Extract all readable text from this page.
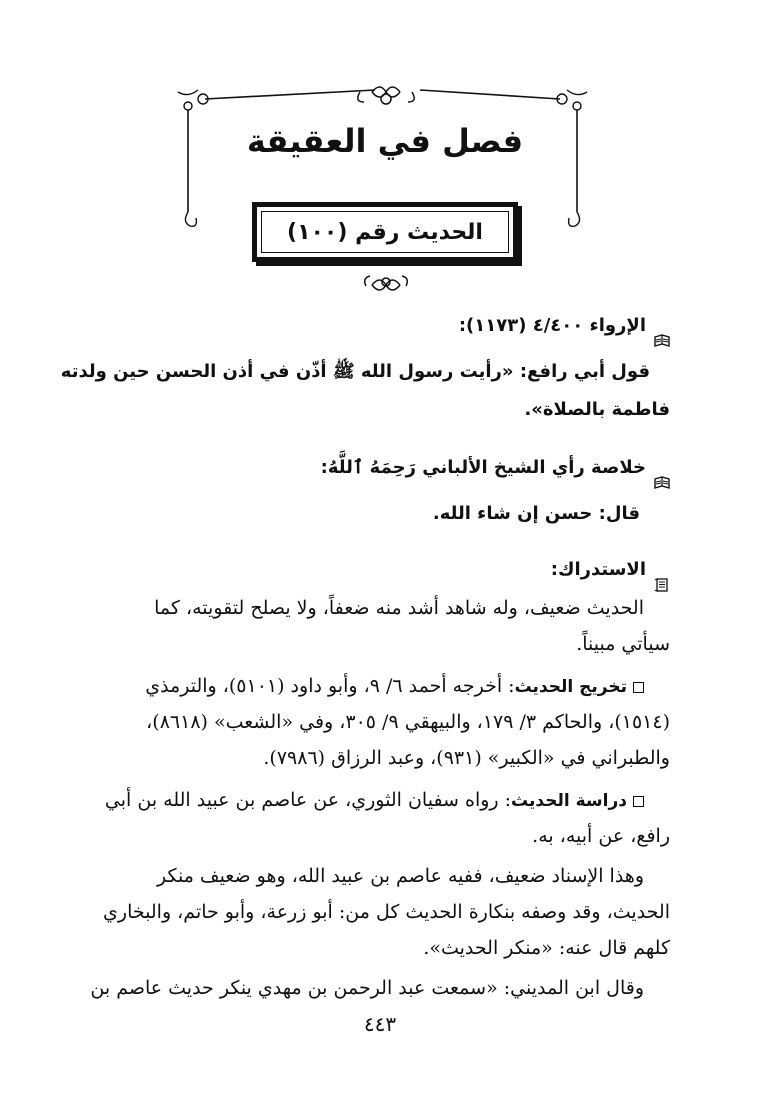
فصل في العقيقة
الحديث رقم (١٠٠)
الإرواء ٤/٤٠٠ (١١٧٣):
قول أبي رافع: «رأيت رسول الله ﷺ أذّن في أذن الحسن حين ولدته
فاطمة بالصلاة».
خلاصة رأي الشيخ الألباني رَحِمَهُ ٱللَّهُ:
قال: حسن إن شاء الله.
الاستدراك:
الحديث ضعيف، وله شاهد أشد منه ضعفاً، ولا يصلح لتقويته، كما
سيأتي مبيناً.
تخريج الحديث: أخرجه أحمد ٦/ ٩، وأبو داود (٥١٠١)، والترمذي
(١٥١٤)، والحاكم ٣/ ١٧٩، والبيهقي ٩/ ٣٠٥، وفي «الشعب» (٨٦١٨)،
والطبراني في «الكبير» (٩٣١)، وعبد الرزاق (٧٩٨٦).
دراسة الحديث: رواه سفيان الثوري، عن عاصم بن عبيد الله بن أبي
رافع، عن أبيه، به.
وهذا الإسناد ضعيف، ففيه عاصم بن عبيد الله، وهو ضعيف منكر
الحديث، وقد وصفه بنكارة الحديث كل من: أبو زرعة، وأبو حاتم، والبخاري
كلهم قال عنه: «منكر الحديث».
وقال ابن المديني: «سمعت عبد الرحمن بن مهدي ينكر حديث عاصم بن
٤٤٣
